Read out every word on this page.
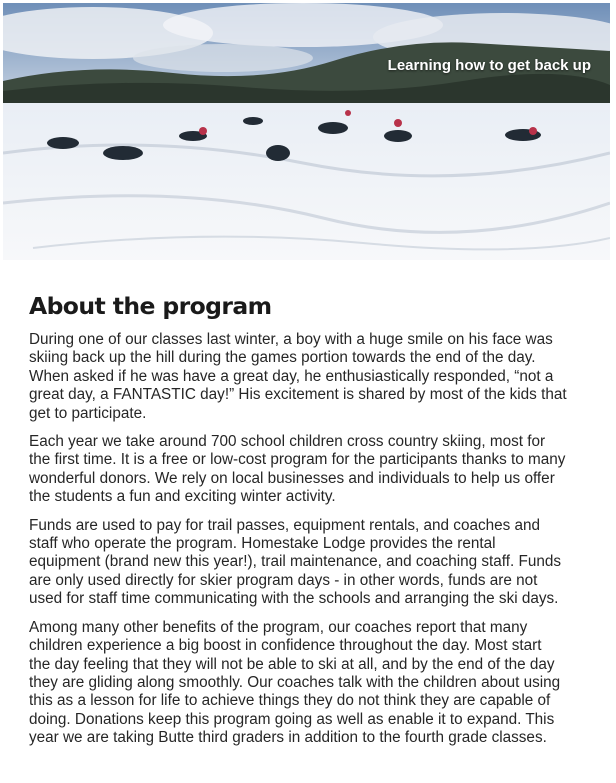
Learning how to get back up
About the program

During one of our classes last winter, a boy with a huge smile on his face was
skiing back up the hill during the games portion towards the end of the day.
When asked if he was have a great day, he enthusiastically responded, “not a
great day, a FANTASTIC day!” His excitement is shared by most of the kids that
get to participate.

Each year we take around 700 school children cross country skiing, most for
the first time. It is a free or low-cost program for the participants thanks to many
wonderful donors. We rely on local businesses and individuals to help us offer
the students a fun and exciting winter activity.

Funds are used to pay for trail passes, equipment rentals, and coaches and
staff who operate the program. Homestake Lodge provides the rental
equipment (brand new this year!), trail maintenance, and coaching staff. Funds
are only used directly for skier program days - in other words, funds are not
used for staff time communicating with the schools and arranging the ski days.

Among many other benefits of the program, our coaches report that many
children experience a big boost in confidence throughout the day. Most start
the day feeling that they will not be able to ski at all, and by the end of the day
they are gliding along smoothly. Our coaches talk with the children about using
this as a lesson for life to achieve things they do not think they are capable of
doing. Donations keep this program going as well as enable it to expand. This
year we are taking Butte third graders in addition to the fourth grade classes.
